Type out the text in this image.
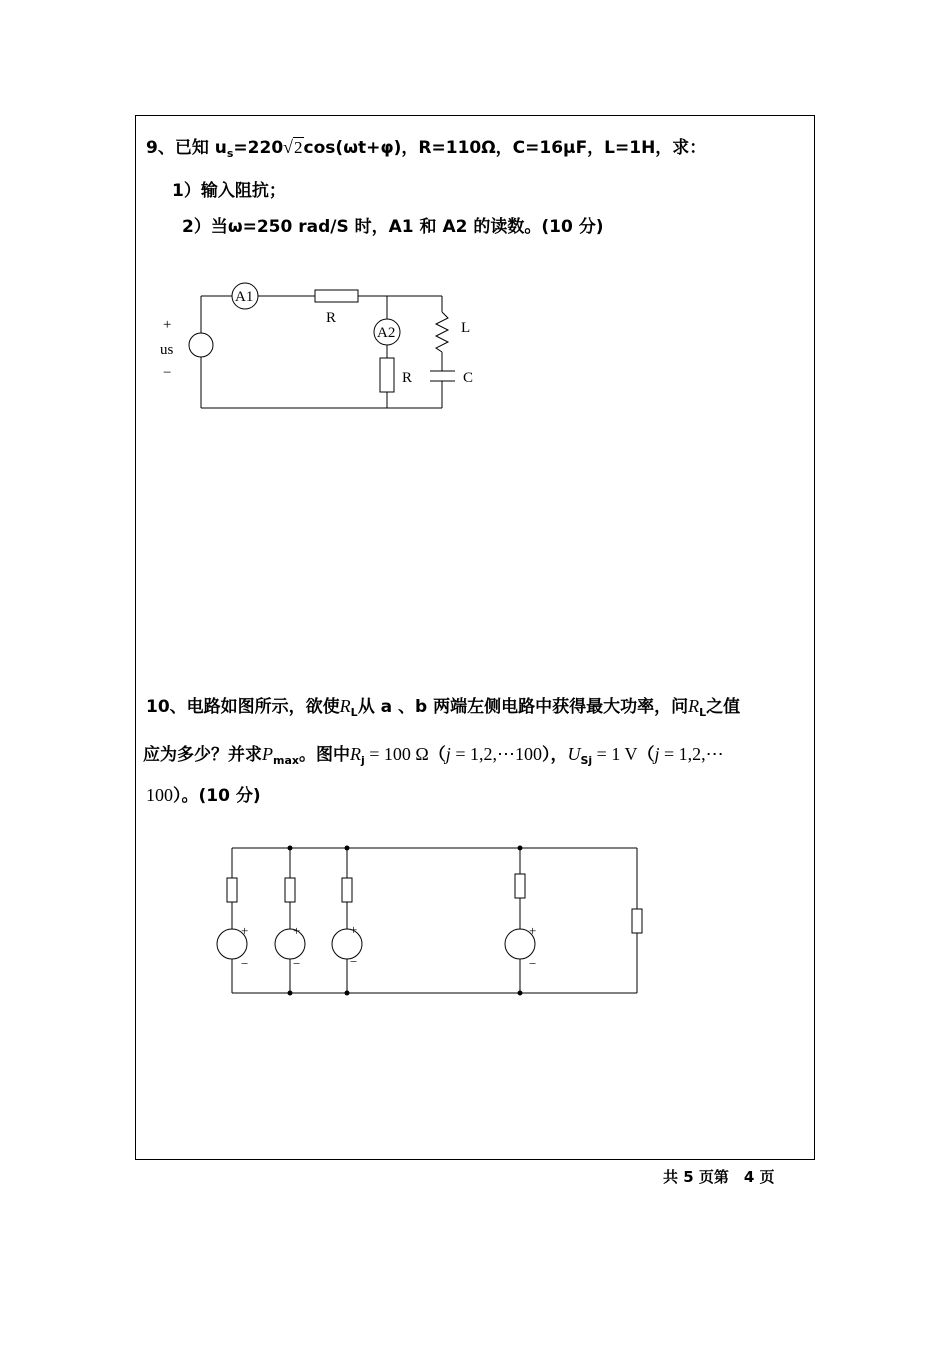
9、已知 $u_s=220√2\cos(\omega t+\varphi)$，R=110Ω，C=16μF，L=1H，求：
1）输入阻抗；
2）当ω=250 rad/S 时，A1 和 A2 的读数。(10 分)
+
us
−
A1
A2
R
R
L
C
10、电路如图所示，欲使$R_L$从 a 、b 两端左侧电路中获得最大功率，问$R_L$之值
应为多少？并求$P_{max}$。图中$R_j = 100$ Ω（j = 1,2,⋯100），$U_{Sj} = 1$ V（j = 1,2,⋯
100）。(10 分)
+
−
+
−
+
−
+
−
共 5 页第　4 页
